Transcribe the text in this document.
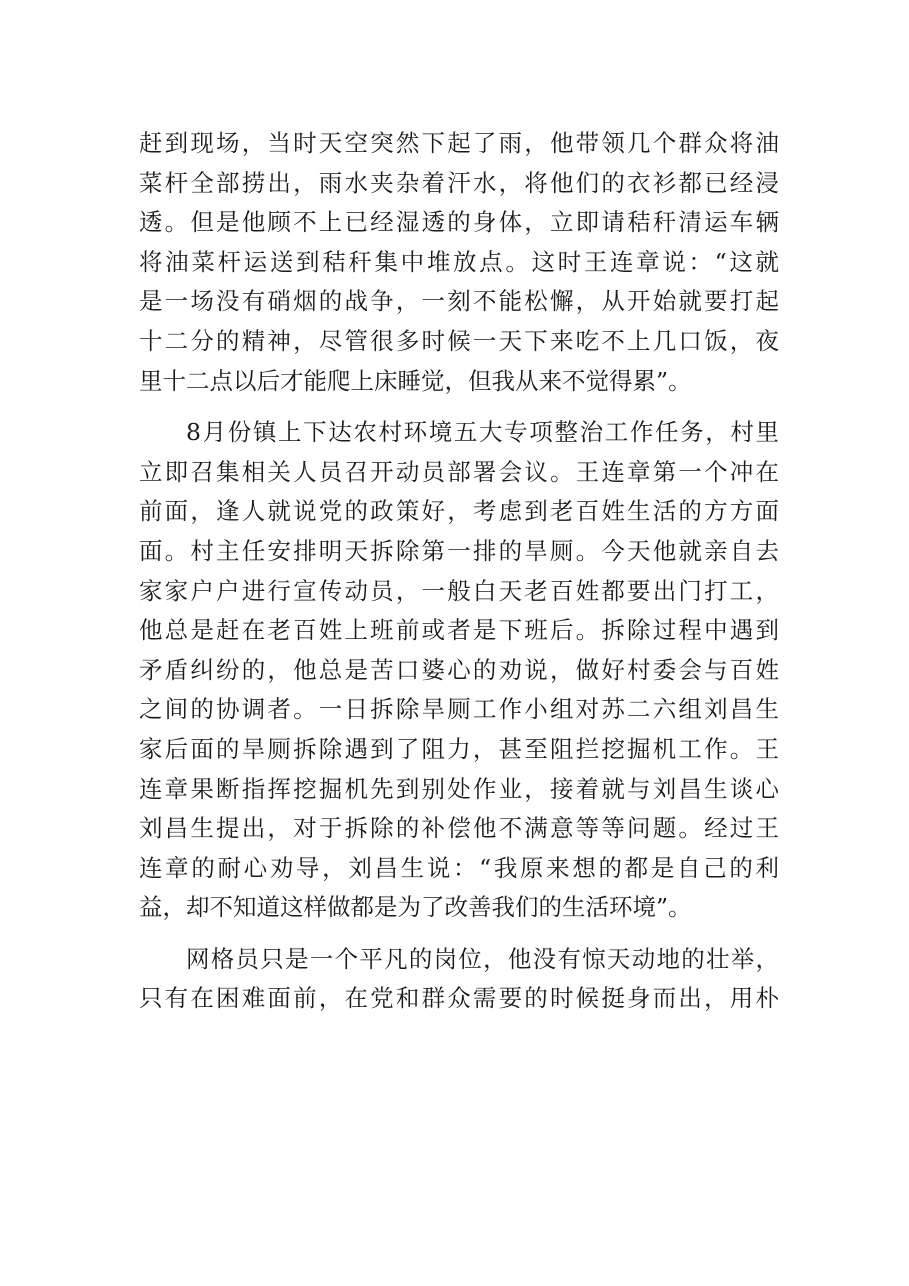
赶到现场，当时天空突然下起了雨，他带领几个群众将油
菜杆全部捞出，雨水夹杂着汗水，将他们的衣衫都已经浸
透。但是他顾不上已经湿透的身体，立即请秸秆清运车辆
将油菜杆运送到秸秆集中堆放点。这时王连章说：“这就
是一场没有硝烟的战争，一刻不能松懈，从开始就要打起
十二分的精神，尽管很多时候一天下来吃不上几口饭，夜
里十二点以后才能爬上床睡觉，但我从来不觉得累”。
8月份镇上下达农村环境五大专项整治工作任务，村里
立即召集相关人员召开动员部署会议。王连章第一个冲在
前面，逢人就说党的政策好，考虑到老百姓生活的方方面
面。村主任安排明天拆除第一排的旱厕。今天他就亲自去
家家户户进行宣传动员，一般白天老百姓都要出门打工，
他总是赶在老百姓上班前或者是下班后。拆除过程中遇到
矛盾纠纷的，他总是苦口婆心的劝说，做好村委会与百姓
之间的协调者。一日拆除旱厕工作小组对苏二六组刘昌生
家后面的旱厕拆除遇到了阻力，甚至阻拦挖掘机工作。王
连章果断指挥挖掘机先到别处作业，接着就与刘昌生谈心
刘昌生提出，对于拆除的补偿他不满意等等问题。经过王
连章的耐心劝导，刘昌生说：“我原来想的都是自己的利
益，却不知道这样做都是为了改善我们的生活环境”。
网格员只是一个平凡的岗位，他没有惊天动地的壮举，
只有在困难面前，在党和群众需要的时候挺身而出，用朴
